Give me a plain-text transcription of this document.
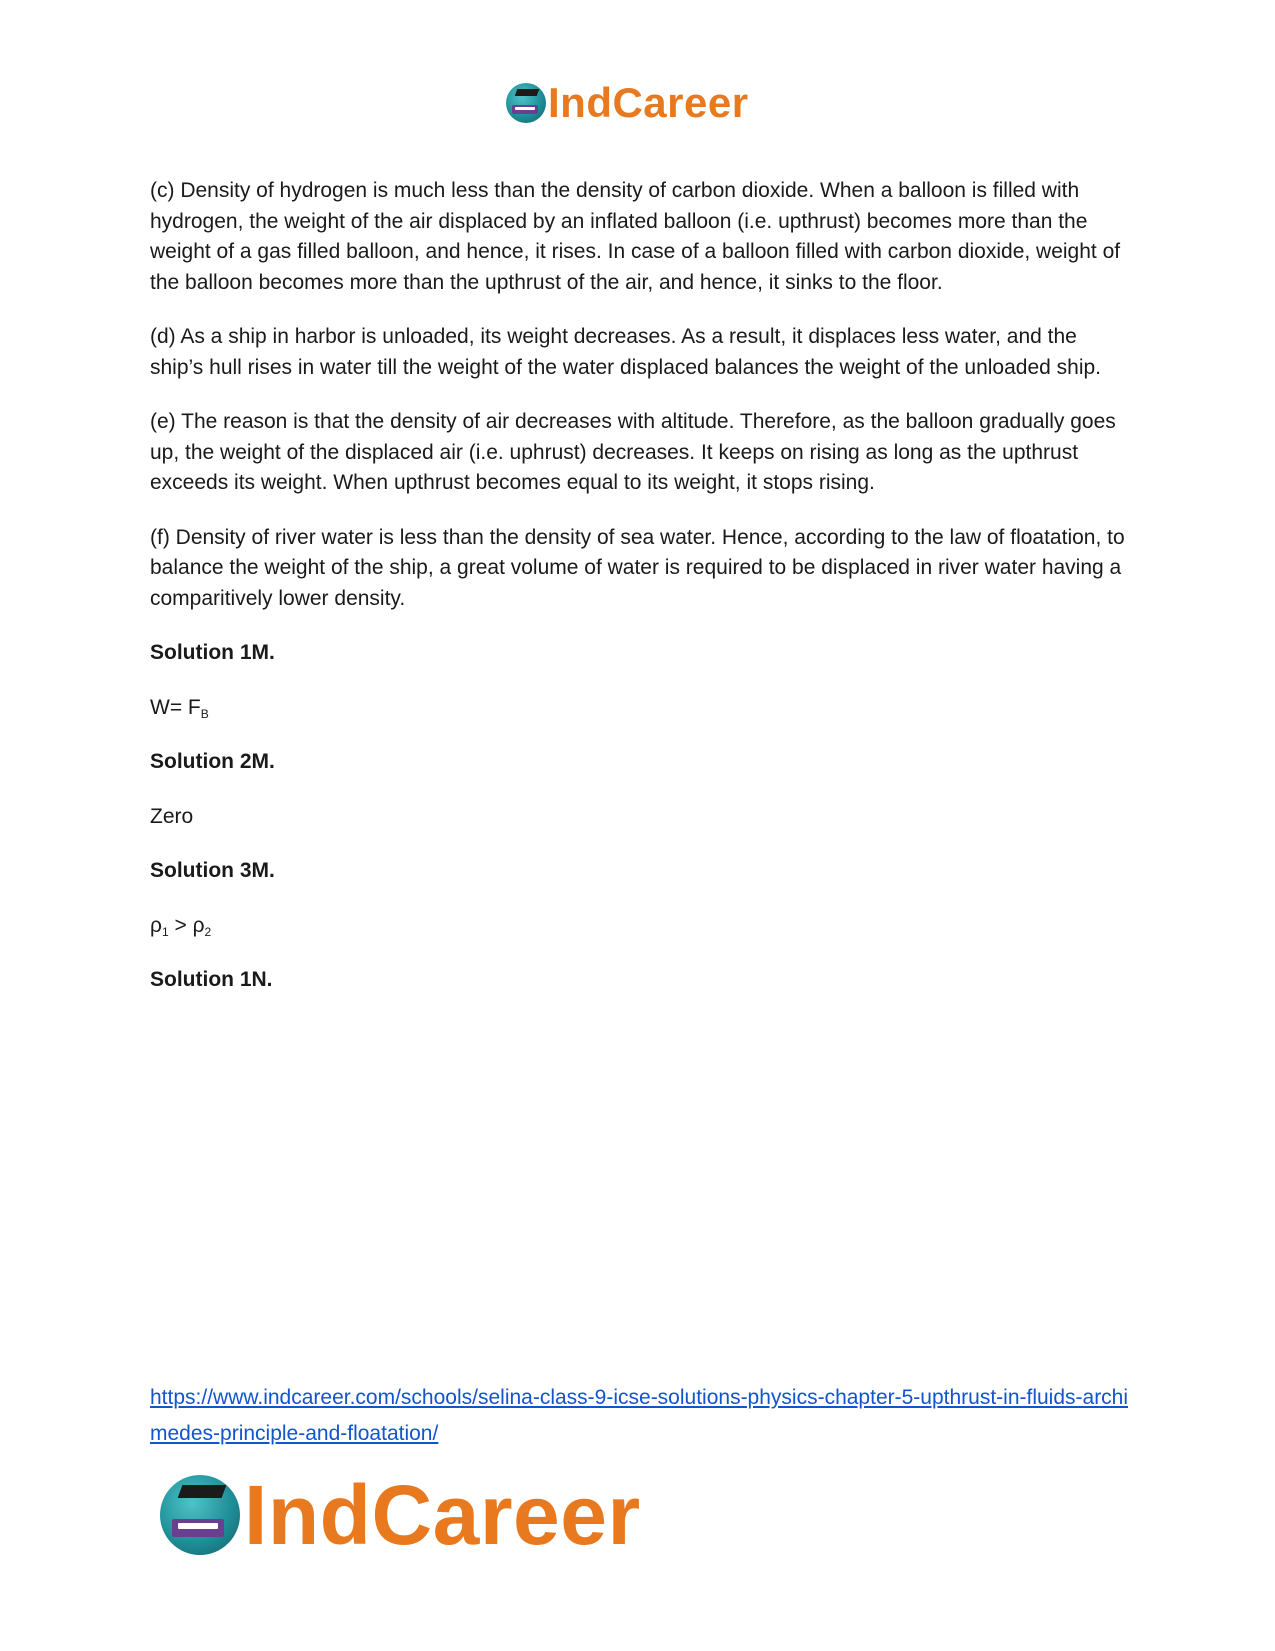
IndCareer

(c) Density of hydrogen is much less than the density of carbon dioxide. When a balloon is filled with hydrogen, the weight of the air displaced by an inflated balloon (i.e. upthrust) becomes more than the weight of a gas filled balloon, and hence, it rises. In case of a balloon filled with carbon dioxide, weight of the balloon becomes more than the upthrust of the air, and hence, it sinks to the floor.

(d) As a ship in harbor is unloaded, its weight decreases. As a result, it displaces less water, and the ship’s hull rises in water till the weight of the water displaced balances the weight of the unloaded ship.

(e) The reason is that the density of air decreases with altitude. Therefore, as the balloon gradually goes up, the weight of the displaced air (i.e. uphrust) decreases. It keeps on rising as long as the upthrust exceeds its weight. When upthrust becomes equal to its weight, it stops rising.

(f) Density of river water is less than the density of sea water. Hence, according to the law of floatation, to balance the weight of the ship, a great volume of water is required to be displaced in river water having a comparitively lower density.

Solution 1M.

$W= F_B$

Solution 2M.

Zero

Solution 3M.

$\rho_1 > \rho_2$

Solution 1N.

https://www.indcareer.com/schools/selina-class-9-icse-solutions-physics-chapter-5-upthrust-in-fluids-archimedes-principle-and-floatation/
IndCareer
